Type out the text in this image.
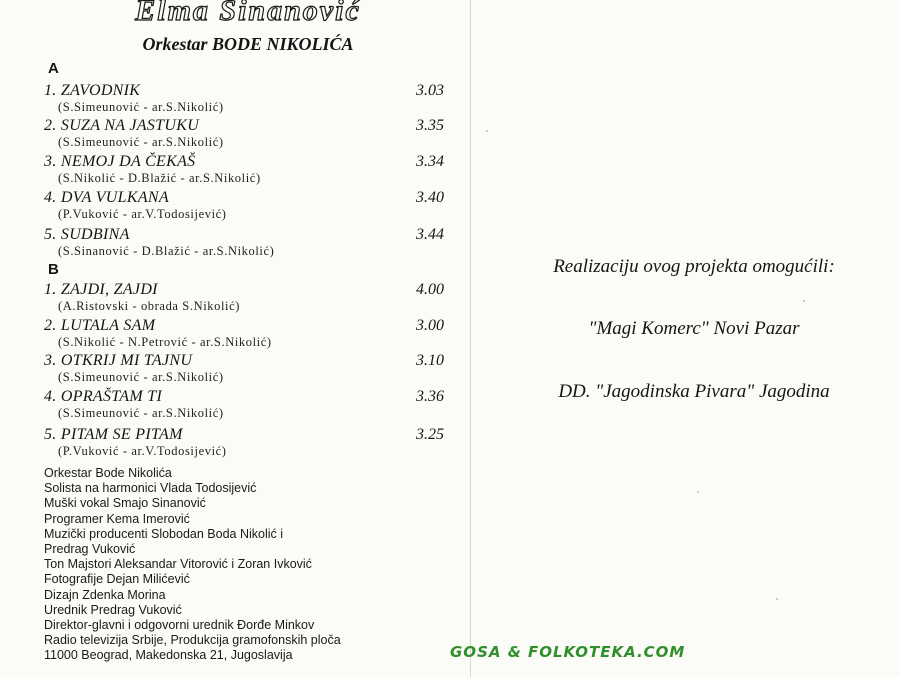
Elma Sinanović
Orkestar BODE NIKOLIĆA
A
1. ZAVODNIK
(S.Simeunović - ar.S.Nikolić)
3.03
2. SUZA NA JASTUKU
(S.Simeunović - ar.S.Nikolić)
3.35
3. NEMOJ DA ČEKAŠ
(S.Nikolić - D.Blažić - ar.S.Nikolić)
3.34
4. DVA VULKANA
(P.Vuković - ar.V.Todosijević)
3.40
5. SUDBINA
(S.Sinanović - D.Blažić - ar.S.Nikolić)
3.44
B
1. ZAJDI, ZAJDI
(A.Ristovski - obrada S.Nikolić)
4.00
2. LUTALA SAM
(S.Nikolić - N.Petrović - ar.S.Nikolić)
3.00
3. OTKRIJ MI TAJNU
(S.Simeunović - ar.S.Nikolić)
3.10
4. OPRAŠTAM TI
(S.Simeunović - ar.S.Nikolić)
3.36
5. PITAM SE PITAM
(P.Vuković - ar.V.Todosijević)
3.25
Orkestar Bode Nikolića
Solista na harmonici Vlada Todosijević
Muški vokal Smajo Sinanović
Programer Kema Imerović
Muzički producenti Slobodan Boda Nikolić i
Predrag Vuković
Ton Majstori Aleksandar Vitorović i Zoran Ivković
Fotografije Dejan Milićević
Dizajn Zdenka Morina
Urednik Predrag Vuković
Direktor-glavni i odgovorni urednik Đorđe Minkov
Radio televizija Srbije, Produkcija gramofonskih ploča
11000 Beograd, Makedonska 21, Jugoslavija
Realizaciju ovog projekta omogućili:
"Magi Komerc" Novi Pazar
DD. "Jagodinska Pivara" Jagodina
GOSA & FOLKOTEKA.COM
